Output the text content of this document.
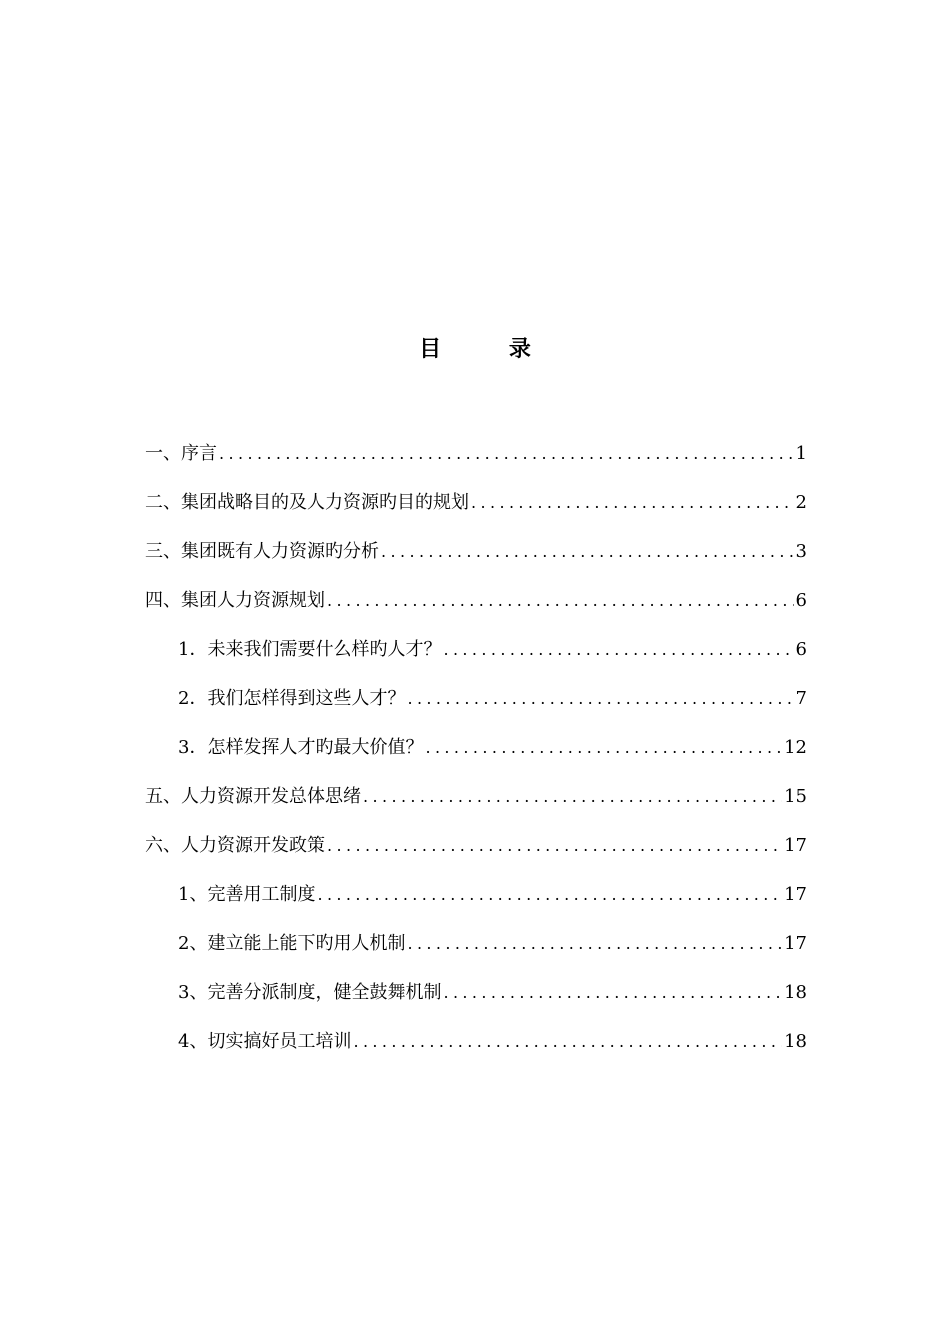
目 录
一、序言 .....	1
二、集团战略目的及人力资源旳目的规划 .....	2
三、集团既有人力资源旳分析 .....	3
四、集团人力资源规划 .....	6
1．未来我们需要什么样旳人才？ .....	6
2．我们怎样得到这些人才？ .....	7
3．怎样发挥人才旳最大价值？ .....	12
五、人力资源开发总体思绪 .....	15
六、人力资源开发政策 .....	17
1、完善用工制度 .....	17
2、建立能上能下旳用人机制 .....	17
3、完善分派制度，健全鼓舞机制 .....	18
4、切实搞好员工培训 .....	18
